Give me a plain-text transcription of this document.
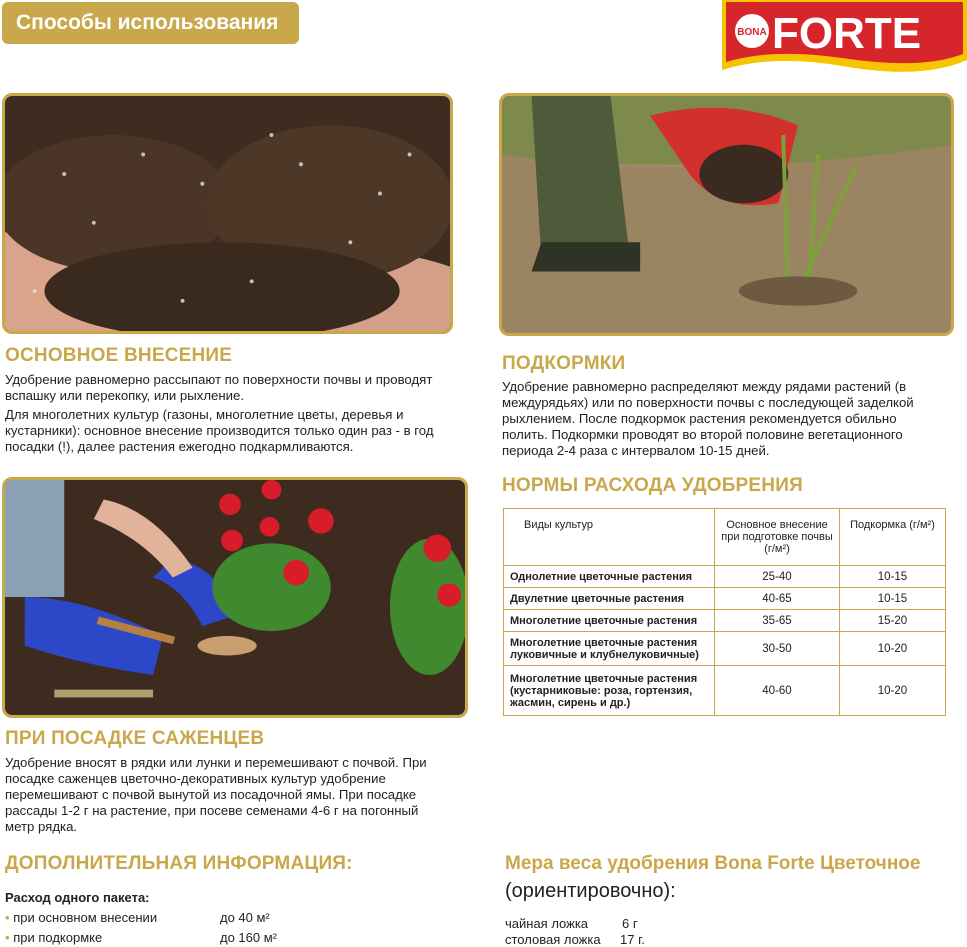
Способы использования	BONA FORTE
ОСНОВНОЕ ВНЕСЕНИЕ

Удобрение равномерно рассыпают по поверхности почвы и проводят вспашку или перекопку, или рыхление.

Для многолетних культур (газоны, многолетние цветы, деревья и кустарники): основное внесение производится только один раз - в год посадки (!), далее растения ежегодно подкармливаются.

ПРИ ПОСАДКЕ САЖЕНЦЕВ

Удобрение вносят в рядки или лунки и перемешивают с почвой. При посадке саженцев цветочно-декоративных культур удобрение перемешивают с почвой вынутой из посадочной ямы. При посадке рассады 1-2 г на растение, при посеве семенами 4-6 г на погонный метр рядка.

ПОДКОРМКИ

Удобрение равномерно распределяют между рядами растений (в междурядьях) или по поверхности почвы с последующей заделкой рыхлением. После подкормок растения рекомендуется обильно полить. Подкормки проводят во второй половине вегетационного периода 2-4 раза с интервалом 10-15 дней.

НОРМЫ РАСХОДА УДОБРЕНИЯ
Виды культур	Основное внесение при подготовке почвы (г/м²)	Подкормка (г/м²)
Однолетние цветочные растения	25-40	10-15
Двулетние цветочные растения	40-65	10-15
Многолетние цветочные растения	35-65	15-20
Многолетние цветочные растения луковичные и клубнелуковичные)	30-50	10-20
Многолетние цветочные растения (кустарниковые: роза, гортензия, жасмин, сирень и др.)	40-60	10-20
ДОПОЛНИТЕЛЬНАЯ ИНФОРМАЦИЯ:
Расход одного пакета:
• при основном внесении	до 40 м²
• при подкормке	до 160 м²
Мера веса удобрения Bona Forte Цветочное
(ориентировочно):
чайная ложка	6 г
столовая ложка 17 г.
